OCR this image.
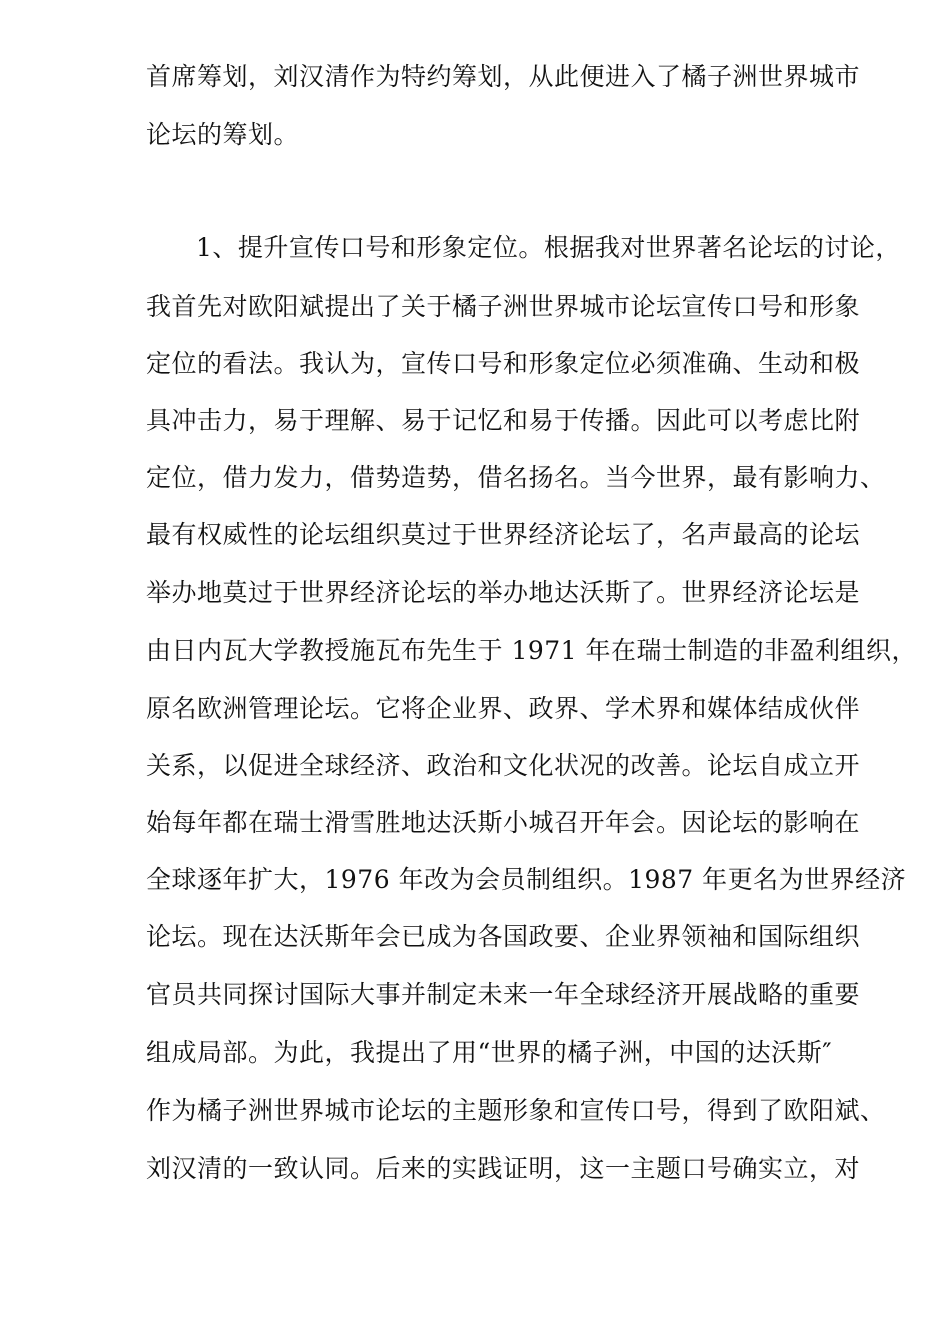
首席筹划，刘汉清作为特约筹划，从此便进入了橘子洲世界城市
论坛的筹划。
1、提升宣传口号和形象定位。根据我对世界著名论坛的讨论，
我首先对欧阳斌提出了关于橘子洲世界城市论坛宣传口号和形象
定位的看法。我认为，宣传口号和形象定位必须准确、生动和极
具冲击力，易于理解、易于记忆和易于传播。因此可以考虑比附
定位，借力发力，借势造势，借名扬名。当今世界，最有影响力、
最有权威性的论坛组织莫过于世界经济论坛了，名声最高的论坛
举办地莫过于世界经济论坛的举办地达沃斯了。世界经济论坛是
由日内瓦大学教授施瓦布先生于 1971 年在瑞士制造的非盈利组织，
原名欧洲管理论坛。它将企业界、政界、学术界和媒体结成伙伴
关系，以促进全球经济、政治和文化状况的改善。论坛自成立开
始每年都在瑞士滑雪胜地达沃斯小城召开年会。因论坛的影响在
全球逐年扩大，1976 年改为会员制组织。1987 年更名为世界经济
论坛。现在达沃斯年会已成为各国政要、企业界领袖和国际组织
官员共同探讨国际大事并制定未来一年全球经济开展战略的重要
组成局部。为此，我提出了用“世界的橘子洲，中国的达沃斯″
作为橘子洲世界城市论坛的主题形象和宣传口号，得到了欧阳斌、
刘汉清的一致认同。后来的实践证明，这一主题口号确实立，对
